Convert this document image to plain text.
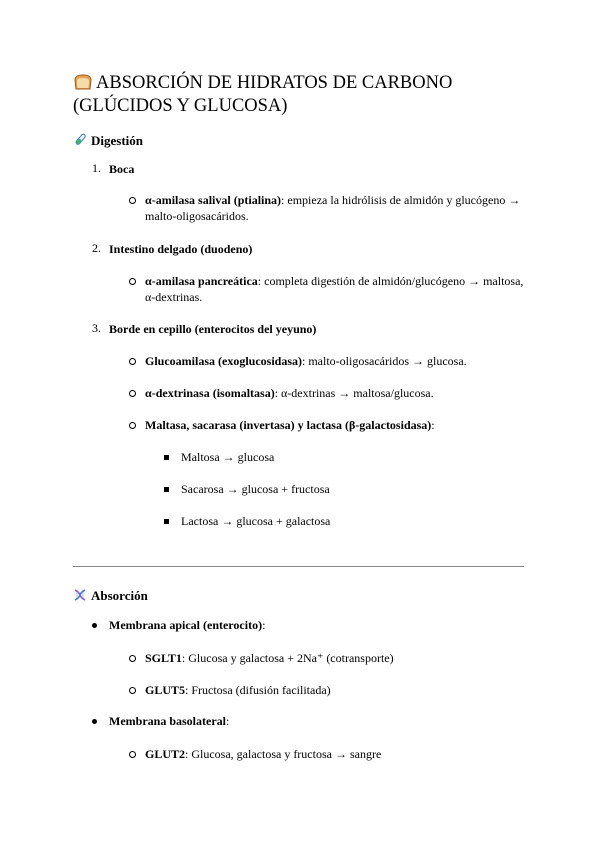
ABSORCIÓN DE HIDRATOS DE CARBONO (GLÚCIDOS Y GLUCOSA)
Digestión
1. Boca
α-amilasa salival (ptialina): empieza la hidrólisis de almidón y glucógeno →
malto-oligosacáridos.
2. Intestino delgado (duodeno)
α-amilasa pancreática: completa digestión de almidón/glucógeno → maltosa,
α-dextrinas.
3. Borde en cepillo (enterocitos del yeyuno)
Glucoamilasa (exoglucosidasa): malto-oligosacáridos → glucosa.
α-dextrinasa (isomaltasa): α-dextrinas → maltosa/glucosa.
Maltasa, sacarasa (invertasa) y lactasa (β-galactosidasa):
Maltosa → glucosa
Sacarosa → glucosa + fructosa
Lactosa → glucosa + galactosa
Absorción
Membrana apical (enterocito):
SGLT1: Glucosa y galactosa + 2Na⁺ (cotransporte)
GLUT5: Fructosa (difusión facilitada)
Membrana basolateral:
GLUT2: Glucosa, galactosa y fructosa → sangre
